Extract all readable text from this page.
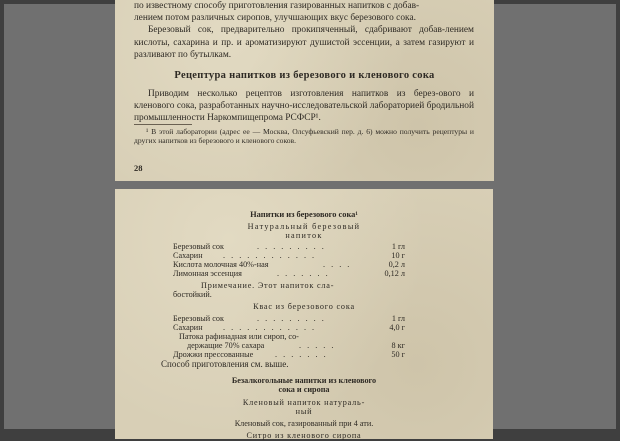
по известному способу приготовления газированных напитков с добав-

лением потом различных сиропов, улучшающих вкус березового сока.

Березовый сок, предварительно прокипяченный, сдабривают добав-лением кислоты, сахарина и пр. и ароматизируют душистой эссенции, а затем газируют и разливают по бутылкам.

Рецептура напитков из березового и кленового сока
Приводим несколько рецептов изготовления напитков из берез-ового и кленового сока, разработанных научно-исследовательской лабораторией бродильной промышленности Наркомпищепрома РСФСР¹.
¹ В этой лаборатории (адрес ее — Москва, Олсуфьевский пер. д. 6) можно получить рецептуры и других напитков из березового и кленового соков.
28
Напитки из березового сока¹
Натуральный березовый
напиток
Березовый сок	. . . . . . . . .	1 гл
Сахарин . . . . . . . . . . . .	10 г
Кислота молочная 40%-ная	. . . .	0,2 л
Лимонная эссенция	. . . . . . .	0,12 л
Примечание. Этот напиток сла-
бостойкий.
Квас из березового сока
Березовый сок	. . . . . . . . .	1 гл
Сахарин . . . . . . . . . . . .	4,0 г
Патока рафинадная или сироп, со-
держащие 70% сахара	. . . . .	8 кг
Дрожжи прессованные	. . . . . . .	50 г
Способ приготовления см. выше.
Безалкогольные напитки из кленового
сока и сиропа
Кленовый напиток натураль-
ный
Кленовый сок, газированный при 4 ати.
Ситро из кленового сиропа
